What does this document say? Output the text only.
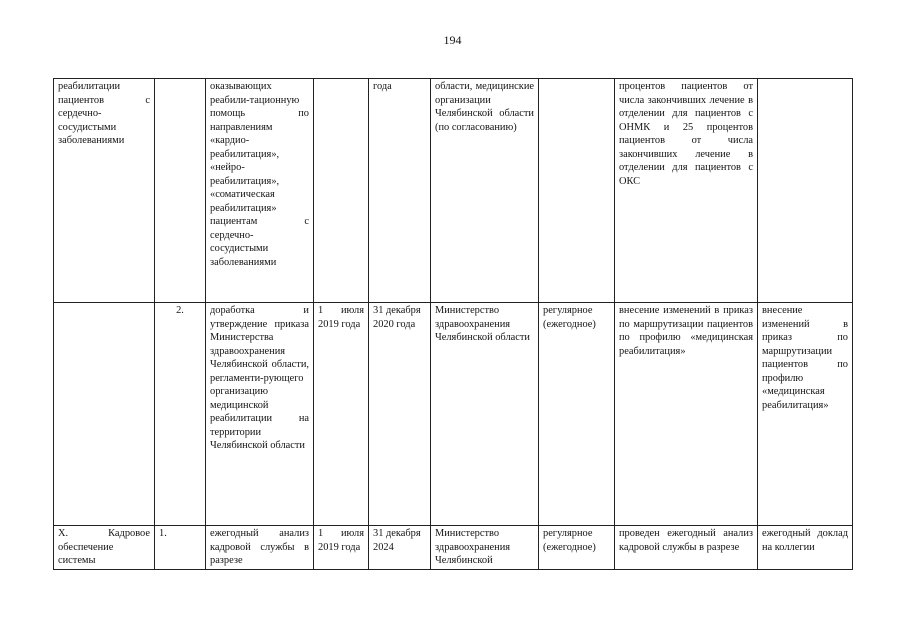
194
реабилитации пациентов с сердечно-сосудистыми заболеваниями		оказывающих реабили-тационную помощь по направлениям «кардио-реабилитация», «нейро-реабилитация», «соматическая реабилитация» пациентам с сердечно-сосудистыми заболеваниями		года	области, медицинские организации Челябинской области (по согласованию)		процентов пациентов от числа закончивших лечение в отделении для пациентов с ОНМК и 25 процентов пациентов от числа закончивших лечение в отделении для пациентов с ОКС	
	2.	доработка и утверждение приказа Министерства здравоохранения Челябинской области, регламенти-рующего организацию медицинской реабилитации на территории Челябинской области	1 июля 2019 года	31 декабря 2020 года	Министерство здравоохранения Челябинской области	регулярное (ежегодное)	внесение изменений в приказ по маршрутизации пациентов по профилю «медицинская реабилитация»	внесение изменений в приказ по маршрутизации пациентов по профилю «медицинская реабилитация»
X. Кадровое обеспечение системы	1.	ежегодный анализ кадровой службы в разрезе	1 июля 2019 года	31 декабря 2024	Министерство здравоохранения Челябинской	регулярное (ежегодное)	проведен ежегодный анализ кадровой службы в разрезе	ежегодный доклад на коллегии
